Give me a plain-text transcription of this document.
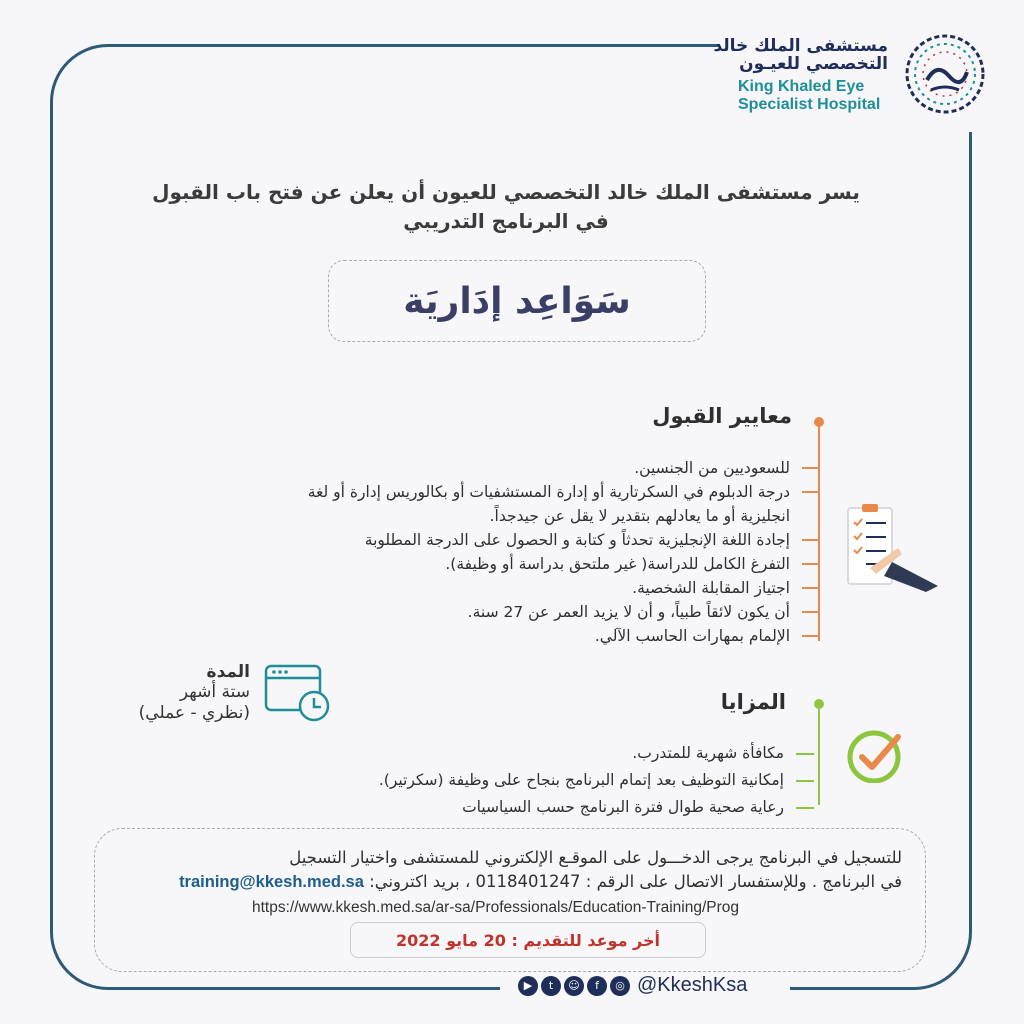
مستشفى الملك خالد
التخصصي للعيـون
King Khaled Eye
Specialist Hospital
يسر مستشفى الملك خالد التخصصي للعيون أن يعلن عن فتح باب القبول
في البرنامج التدريبي
سَوَاعِد إدَاريَة
معايير القبول
للسعوديين من الجنسين.
درجة الدبلوم في السكرتارية أو إدارة المستشفيات أو بكالوريس إدارة أو لغة
انجليزية أو ما يعادلهم بتقدير لا يقل عن جيدجداً.
إجادة اللغة الإنجليزية تحدثاً و كتابة و الحصول على الدرجة المطلوبة
التفرغ الكامل للدراسة( غير ملتحق بدراسة أو وظيفة).
اجتياز المقابلة الشخصية.
أن يكون لائقاً طبياً، و أن لا يزيد العمر عن 27 سنة.
الإلمام بمهارات الحاسب الآلي.
المدة
ستة أشهر
(نظري - عملي)	المزايا
مكافأة شهرية للمتدرب.
إمكانية التوظيف بعد إتمام البرنامج بنجاح على وظيفة (سكرتير).
رعاية صحية طوال فترة البرنامج حسب السياسيات
للتسجيل في البرنامج يرجى الدخـــول على الموقـع الإلكتروني للمستشفى واختيار التسجيل
في البرنامج . وللإستفسار الاتصال على الرقم : 0118401247 ، بريد اكتروني: training@kkesh.med.sa
https://www.kkesh.med.sa/ar-sa/Professionals/Education-Training/Prog
أخر موعد للتقديم : 20 مايو 2022
▶	t	☺	f	◎ @KkeshKsa
